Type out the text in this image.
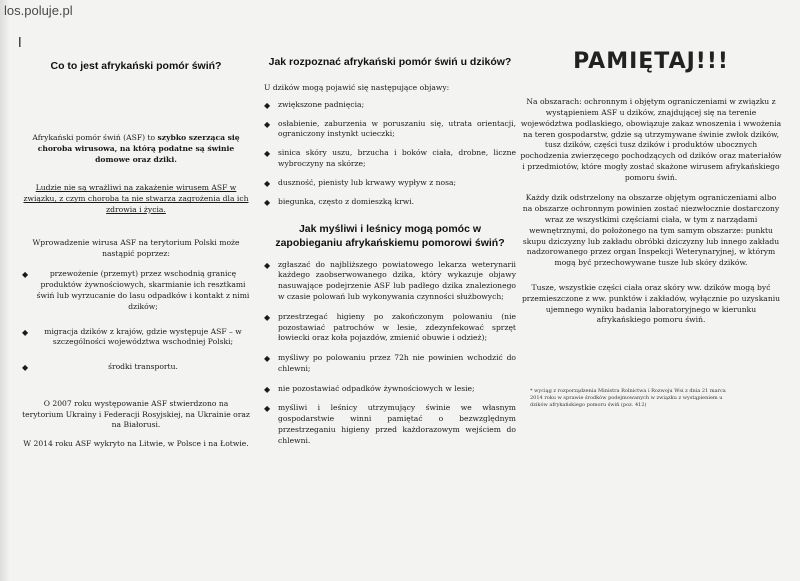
los.poluje.pl
ǀ
Co to jest afrykański pomór świń?
Afrykański pomór świń (ASF) to szybko szerząca się choroba wirusowa, na którą podatne są świnie domowe oraz dziki.
Ludzie nie są wrażliwi na zakażenie wirusem ASF w związku, z czym choroba ta nie stwarza zagrożenia dla ich zdrowia i życia.
Wprowadzenie wirusa ASF na terytorium Polski może nastąpić poprzez:
◆ przewożenie (przemyt) przez wschodnią granicę produktów żywnościowych, skarmianie ich resztkami świń lub wyrzucanie do lasu odpadków i kontakt z nimi dzików;
◆ migracja dzików z krajów, gdzie występuje ASF – w szczególności województwa wschodniej Polski;
◆ środki transportu.
O 2007 roku występowanie ASF stwierdzono na terytorium Ukrainy i Federacji Rosyjskiej, na Ukrainie oraz na Białorusi.
W 2014 roku ASF wykryto na Litwie, w Polsce i na Łotwie.
Jak rozpoznać afrykański pomór świń u dzików?
U dzików mogą pojawić się następujące objawy:
◆ zwiększone padnięcia;
◆ osłabienie, zaburzenia w poruszaniu się, utrata orientacji, ograniczony instynkt ucieczki;
◆ sinica skóry uszu, brzucha i boków ciała, drobne, liczne wybroczyny na skórze;
◆ duszność, pienisty lub krwawy wypływ z nosa;
◆ biegunka, często z domieszką krwi.
Jak myśliwi i leśnicy mogą pomóc w zapobieganiu afrykańskiemu pomorowi świń?
◆ zgłaszać do najbliższego powiatowego lekarza weterynarii każdego zaobserwowanego dzika, który wykazuje objawy nasuwające podejrzenie ASF lub padłego dzika znalezionego w czasie polowań lub wykonywania czynności służbowych;
◆ przestrzegać higieny po zakończonym polowaniu (nie pozostawiać patrochów w lesie, zdezynfekować sprzęt łowiecki oraz koła pojazdów, zmienić obuwie i odzież);
◆ myśliwy po polowaniu przez 72h nie powinien wchodzić do chlewni;
◆ nie pozostawiać odpadków żywnościowych w lesie;
◆ myśliwi i leśnicy utrzymujący świnie we własnym gospodarstwie winni pamiętać o bezwzględnym przestrzeganiu higieny przed każdorazowym wejściem do chlewni.
PAMIĘTAJ!!!
Na obszarach: ochronnym i objętym ograniczeniami w związku z wystąpieniem ASF u dzików, znajdującej się na terenie województwa podlaskiego, obowiązuje zakaz wnoszenia i wwożenia na teren gospodarstw, gdzie są utrzymywane świnie zwłok dzików, tusz dzików, części tusz dzików i produktów ubocznych pochodzenia zwierzęcego pochodzących od dzików oraz materiałów i przedmiotów, które mogły zostać skażone wirusem afrykańskiego pomoru świń.
Każdy dzik odstrzelony na obszarze objętym ograniczeniami albo na obszarze ochronnym powinien zostać niezwłocznie dostarczony wraz ze wszystkimi częściami ciała, w tym z narządami wewnętrznymi, do położonego na tym samym obszarze: punktu skupu dziczyzny lub zakładu obróbki dziczyzny lub innego zakładu nadzorowanego przez organ Inspekcji Weterynaryjnej, w którym mogą być przechowywane tusze lub skóry dzików.
Tusze, wszystkie części ciała oraz skóry ww. dzików mogą być przemieszczone z ww. punktów i zakładów, wyłącznie po uzyskaniu ujemnego wyniku badania laboratoryjnego w kierunku afrykańskiego pomoru świń.
* wyciąg z rozporządzenia Ministra Rolnictwa i Rozwoju Wsi z dnia 21 marca 2014 roku w sprawie środków podejmowanych w związku z wystąpieniem u dzików afrykańskiego pomoru świń (poz. 412)
